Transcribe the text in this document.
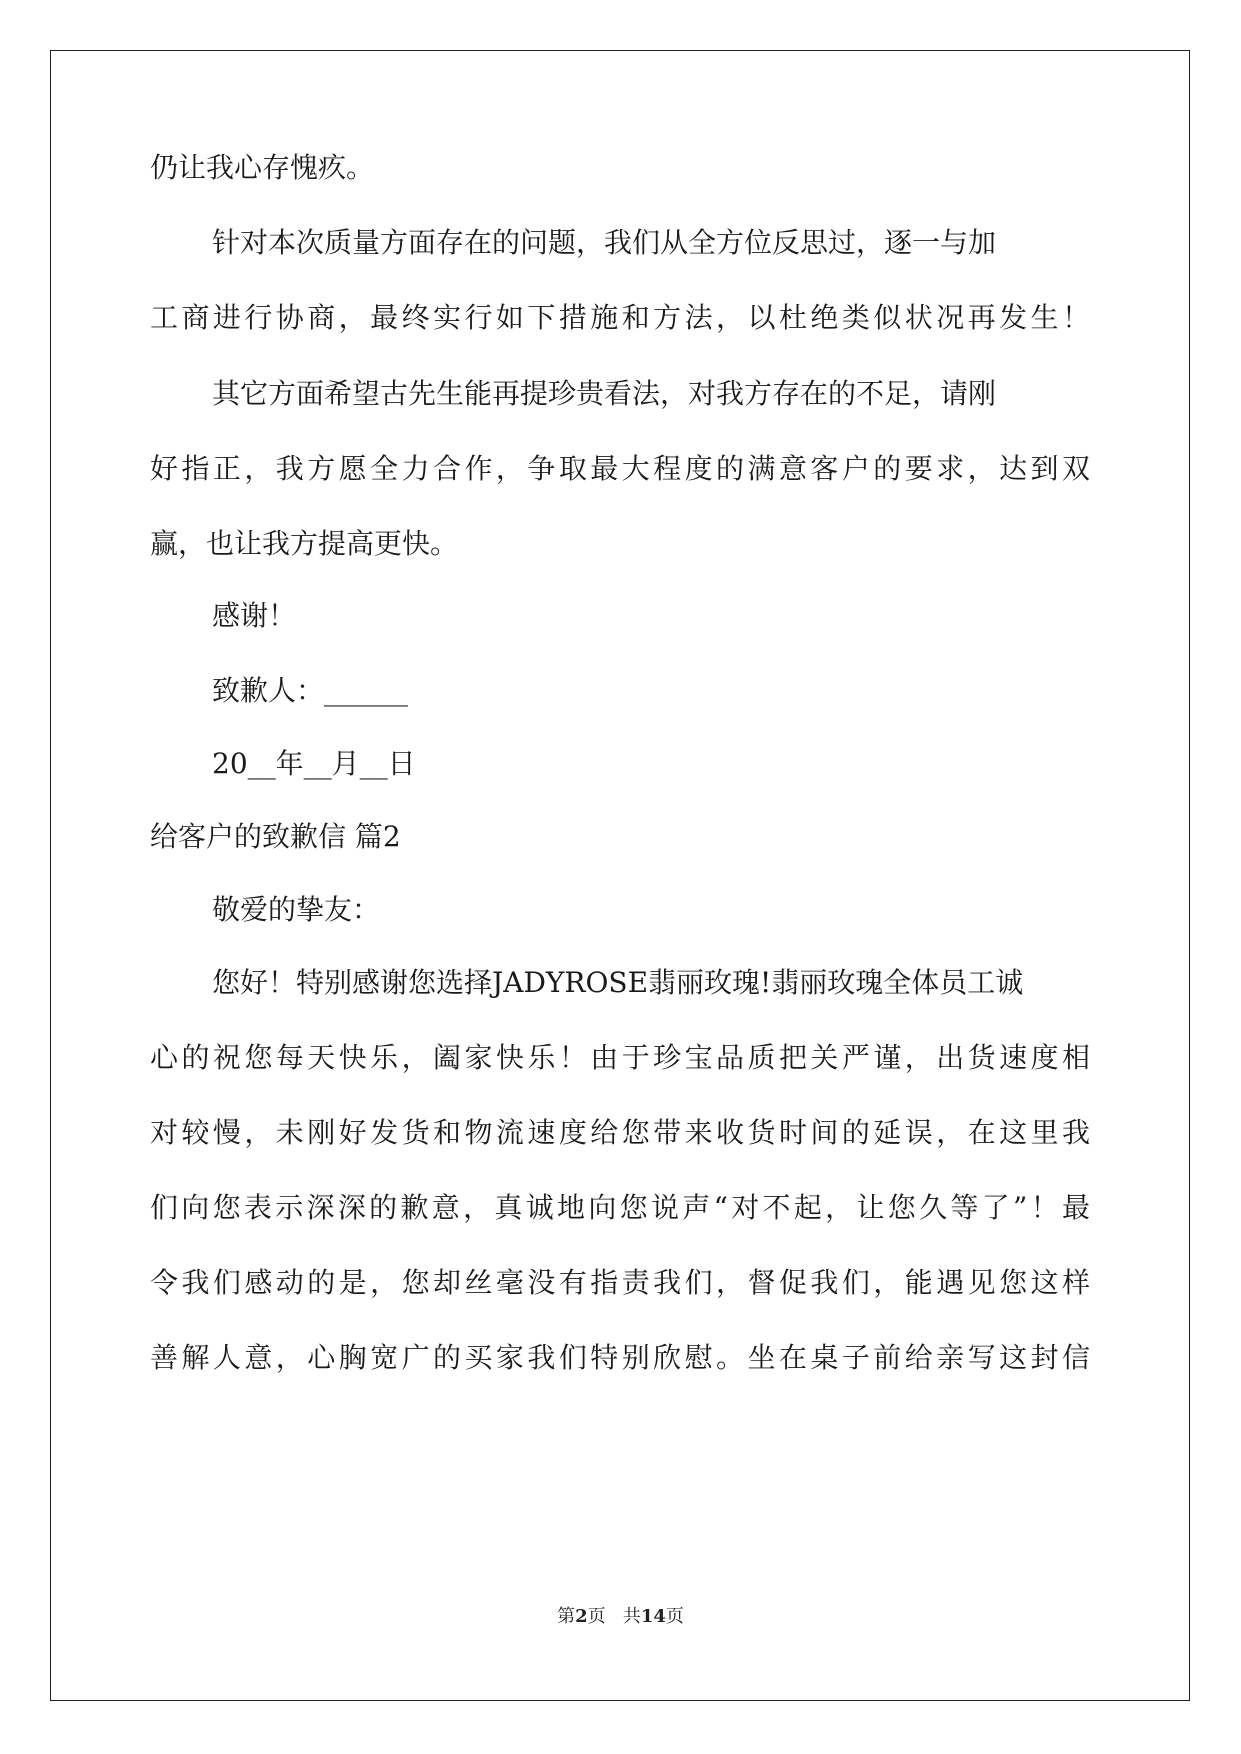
仍让我心存愧疚。
针对本次质量方面存在的问题，我们从全方位反思过，逐一与加
工商进行协商，最终实行如下措施和方法，以杜绝类似状况再发生！
其它方面希望古先生能再提珍贵看法，对我方存在的不足，请刚
好指正，我方愿全力合作，争取最大程度的满意客户的要求，达到双
赢，也让我方提高更快。
感谢！
致歉人：______
20__年__月__日
给客户的致歉信 篇2
敬爱的挚友：
您好！特别感谢您选择JADYROSE翡丽玫瑰!翡丽玫瑰全体员工诚
心的祝您每天快乐，阖家快乐！由于珍宝品质把关严谨，出货速度相
对较慢，未刚好发货和物流速度给您带来收货时间的延误，在这里我
们向您表示深深的歉意，真诚地向您说声“对不起，让您久等了”！最
令我们感动的是，您却丝毫没有指责我们，督促我们，能遇见您这样
善解人意，心胸宽广的买家我们特别欣慰。坐在桌子前给亲写这封信
第2页 共14页
